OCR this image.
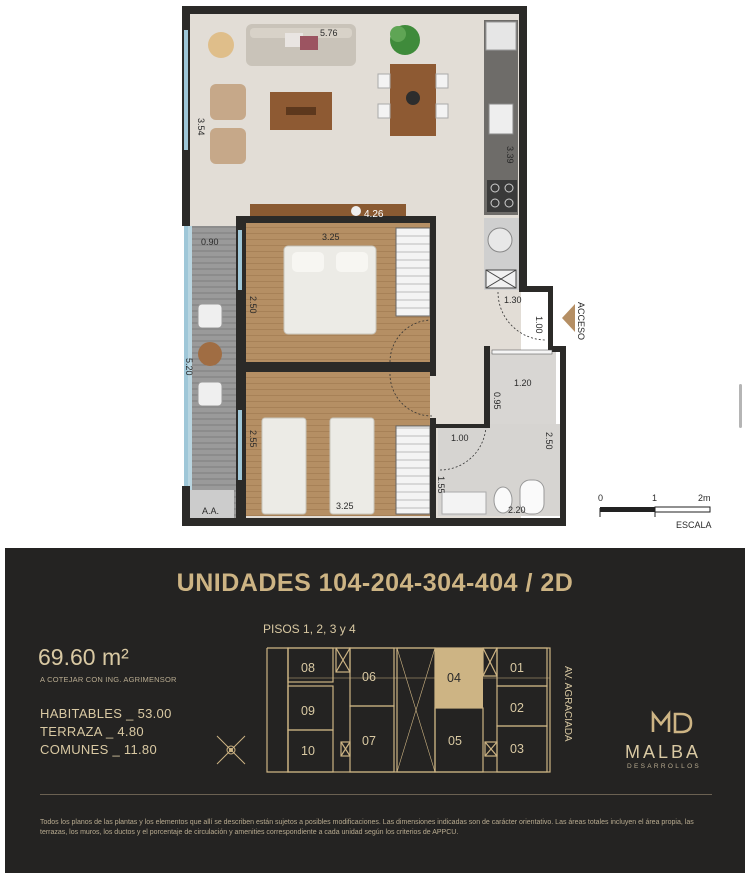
5.76
3.54
3.39
4.26
3.25
2.50
0.90
5.20
2.55
3.25
1.30
1.00
1.20
0.95
1.00
1.55
2.20
2.50
ACCESO
A.A.
0	1	2m
ESCALA
UNIDADES 104-204-304-404 / 2D
69.60 m²
A COTEJAR CON ING. AGRIMENSOR
HABITABLES _ 53.00
TERRAZA _ 4.80
COMUNES _ 11.80
PISOS 1, 2, 3 y 4
08
09
10
06
07
04
05
01
02
03
AV. AGRACIADA
MALBA
DESARROLLOS
Todos los planos de las plantas y los elementos que allí se describen están sujetos a posibles modificaciones. Las dimensiones indicadas son de carácter orientativo. Las áreas totales incluyen el área propia, las terrazas, los muros, los ductos y el porcentaje de circulación y amenities correspondiente a cada unidad según los criterios de APPCU.
